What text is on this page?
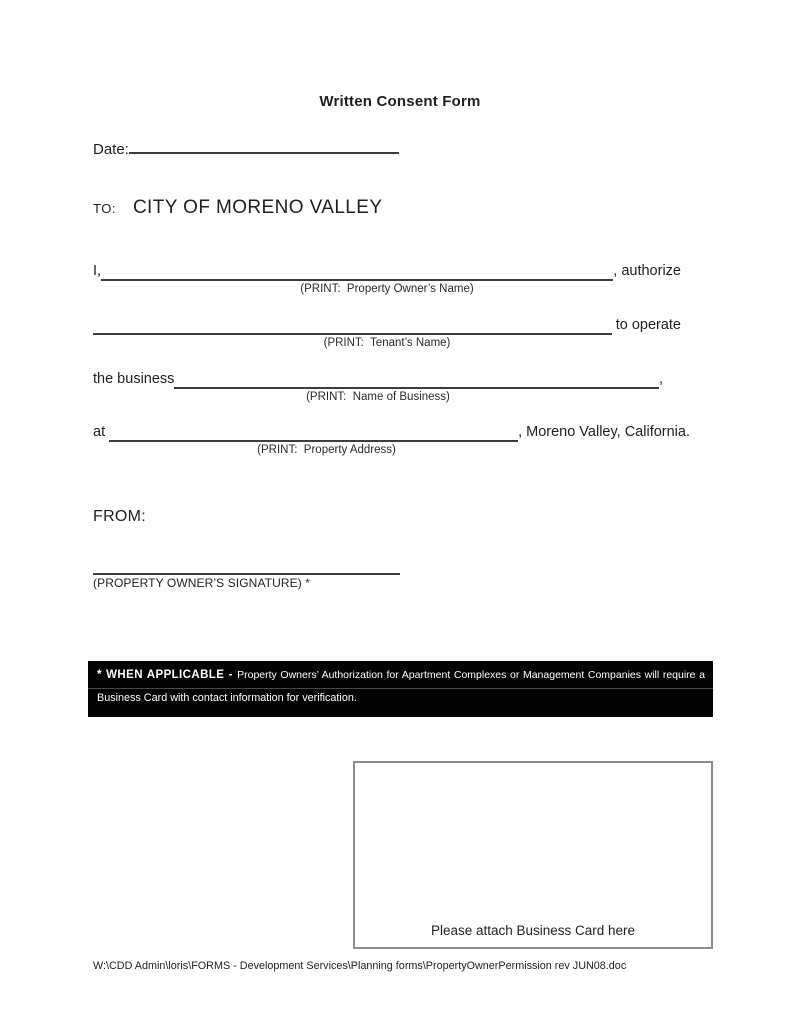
Written Consent Form
Date:
TO: CITY OF MORENO VALLEY
I,	, authorize
(PRINT:  Property Owner’s Name)
to operate
(PRINT:  Tenant’s Name)
the business	,
(PRINT:  Name of Business)
at	, Moreno Valley, California.
(PRINT:  Property Address)
FROM:
(PROPERTY OWNER’S SIGNATURE) *
* WHEN APPLICABLE - Property Owners’ Authorization for Apartment Complexes or Management Companies will require a
Business Card with contact information for verification.
Please attach Business Card here
W:\CDD Admin\loris\FORMS - Development Services\Planning forms\PropertyOwnerPermission rev JUN08.doc
